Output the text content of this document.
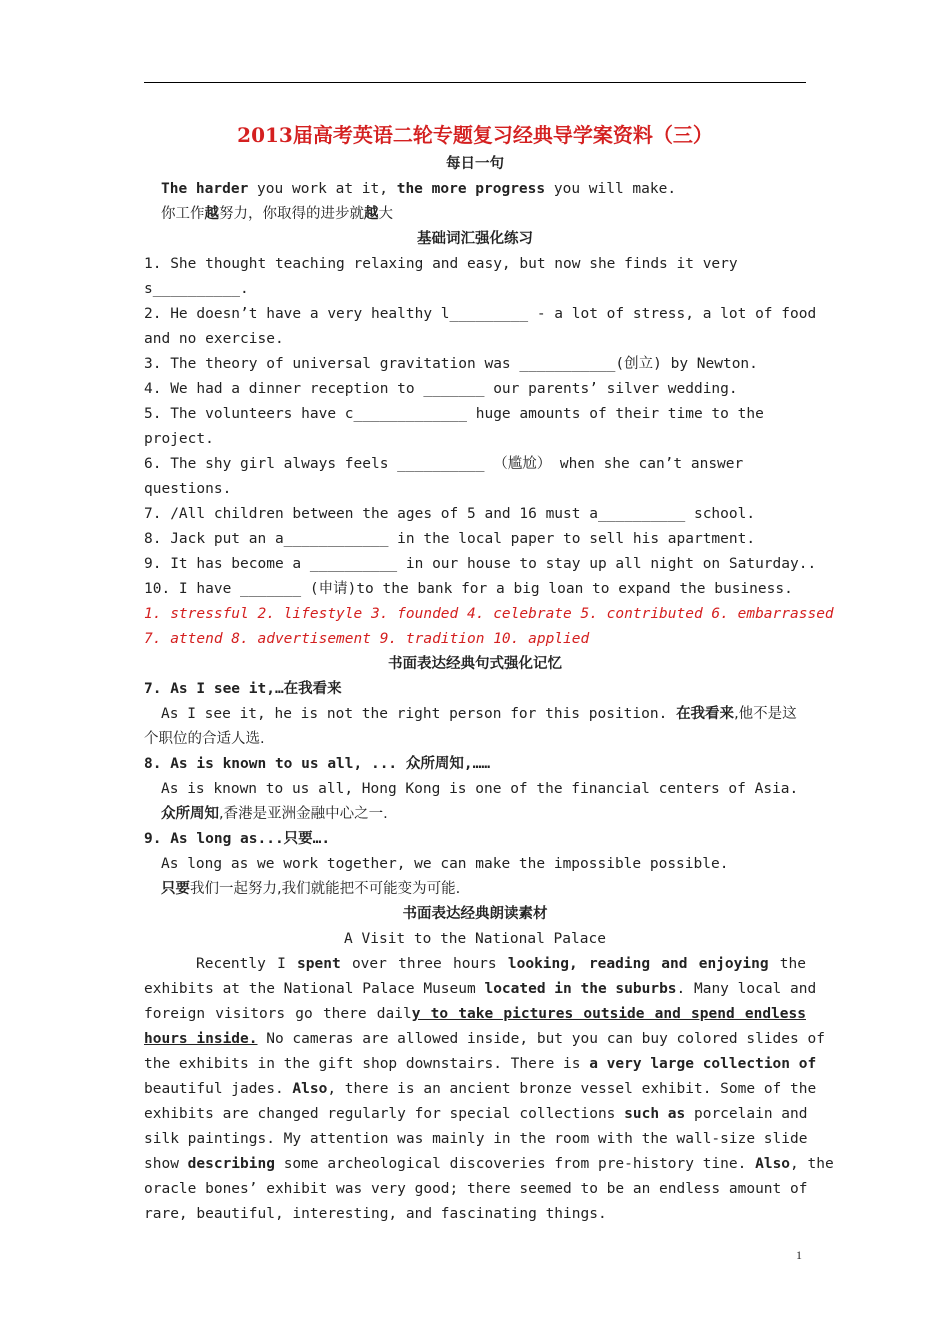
2013届高考英语二轮专题复习经典导学案资料（三）
每日一句
The harder you work at it, the more progress you will make.
你工作越努力，你取得的进步就越大
基础词汇强化练习
1. She thought teaching relaxing and easy, but now she finds it very
s__________.
2. He doesn’t have a very healthy l_________ - a lot of stress, a lot of food
and no exercise.
3. The theory of universal gravitation was ___________(创立) by Newton.
4. We had a dinner reception to _______ our parents’ silver wedding.
5. The volunteers have c_____________ huge amounts of their time to the
project.
6. The shy girl always feels __________ （尴尬） when she can’t answer
questions.
7. /All children between the ages of 5 and 16 must a__________ school.
8. Jack put an a____________ in the local paper to sell his apartment.
9. It has become a __________ in our house to stay up all night on Saturday..
10. I have _______ (申请)to the bank for a big loan to expand the business.
1. stressful 2. lifestyle 3. founded 4. celebrate 5. contributed 6. embarrassed
7. attend 8. advertisement 9. tradition 10. applied
书面表达经典句式强化记忆
7. As I see it,…在我看来
As I see it, he is not the right person for this position. 在我看来,他不是这
个职位的合适人选.
8. As is known to us all, ... 众所周知,……
As is known to us all, Hong Kong is one of the financial centers of Asia.
众所周知,香港是亚洲金融中心之一.
9. As long as...只要….
As long as we work together, we can make the impossible possible.
只要我们一起努力,我们就能把不可能变为可能.
书面表达经典朗读素材
A Visit to the National Palace
Recently I spent over three hours looking, reading and enjoying the
exhibits at the National Palace Museum located in the suburbs. Many local and
foreign visitors go there daily to take pictures outside and spend endless
hours inside. No cameras are allowed inside, but you can buy colored slides of
the exhibits in the gift shop downstairs. There is a very large collection of
beautiful jades. Also, there is an ancient bronze vessel exhibit. Some of the
exhibits are changed regularly for special collections such as porcelain and
silk paintings. My attention was mainly in the room with the wall-size slide
show describing some archeological discoveries from pre-history tine. Also, the
oracle bones’ exhibit was very good; there seemed to be an endless amount of
rare, beautiful, interesting, and fascinating things.
1
